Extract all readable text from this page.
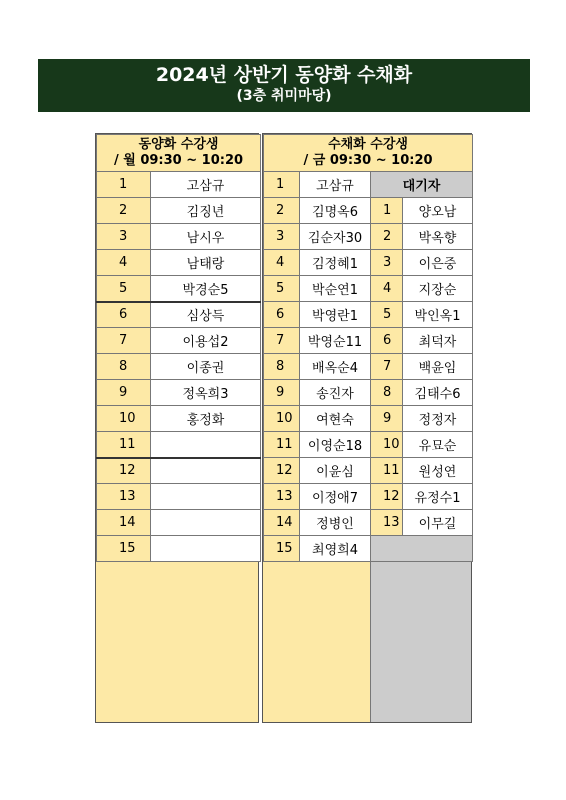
2024년 상반기 동양화 수채화
(3층 취미마당)
동양화 수강생
/ 월 09:30 ~ 10:20	

1	고삼규
2	김징년
3	남시우
4	남태랑
5	박경순5
6	심상득
7	이용섭2
8	이종권
9	정옥희3
10	홍정화
11	
12	
13	
14	
15	
수채화 수강생
/ 금 09:30 ~ 10:20			

1	고삼규	대기자	
2	김명옥6	1	양오남
3	김순자30	2	박옥향
4	김정혜1	3	이은중
5	박순연1	4	지장순
6	박영란1	5	박인옥1
7	박영순11	6	최덕자
8	배옥순4	7	백윤임
9	송진자	8	김태수6
10	여현숙	9	정정자
11	이영순18	10	유묘순
12	이윤심	11	원성연
13	이정애7	12	유정수1
14	정병인	13	이무길
15	최영희4		
